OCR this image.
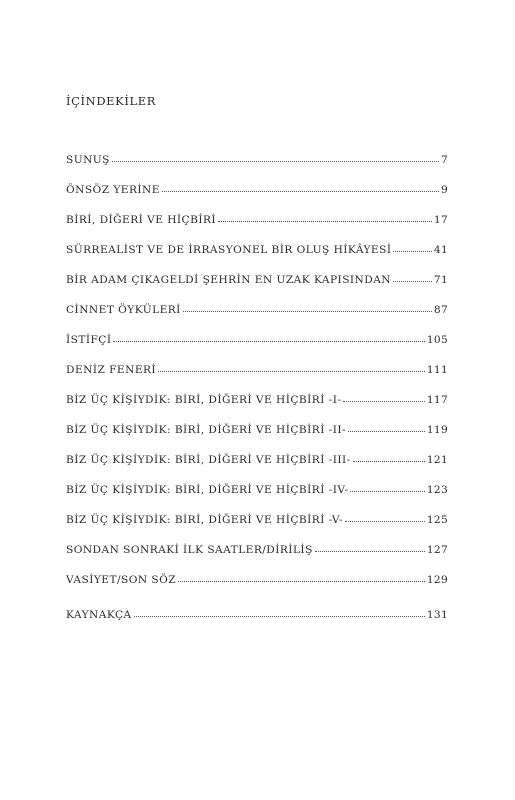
İÇİNDEKİLER
SUNUŞ	7
ÖNSÖZ YERİNE	9
BİRİ, DİĞERİ VE HİÇBİRİ	17
SÜRREALİST VE DE İRRASYONEL BİR OLUŞ HİKÂYESİ	41
BİR ADAM ÇIKAGELDİ ŞEHRİN EN UZAK KAPISINDAN	71
CİNNET ÖYKÜLERİ	87
İSTİFÇİ	105
DENİZ FENERİ	111
BİZ ÜÇ KİŞİYDİK: BİRİ, DİĞERİ VE HİÇBİRİ -I-	117
BİZ ÜÇ KİŞİYDİK: BİRİ, DİĞERİ VE HİÇBİRİ -II-	119
BİZ ÜÇ KİŞİYDİK: BİRİ, DİĞERİ VE HİÇBİRİ -III-	121
BİZ ÜÇ KİŞİYDİK: BİRİ, DİĞERİ VE HİÇBİRİ -IV-	123
BİZ ÜÇ KİŞİYDİK: BİRİ, DİĞERİ VE HİÇBİRİ -V-	125
SONDAN SONRAKİ İLK SAATLER/DİRİLİŞ	127
VASİYET/SON SÖZ	129
KAYNAKÇA	131
